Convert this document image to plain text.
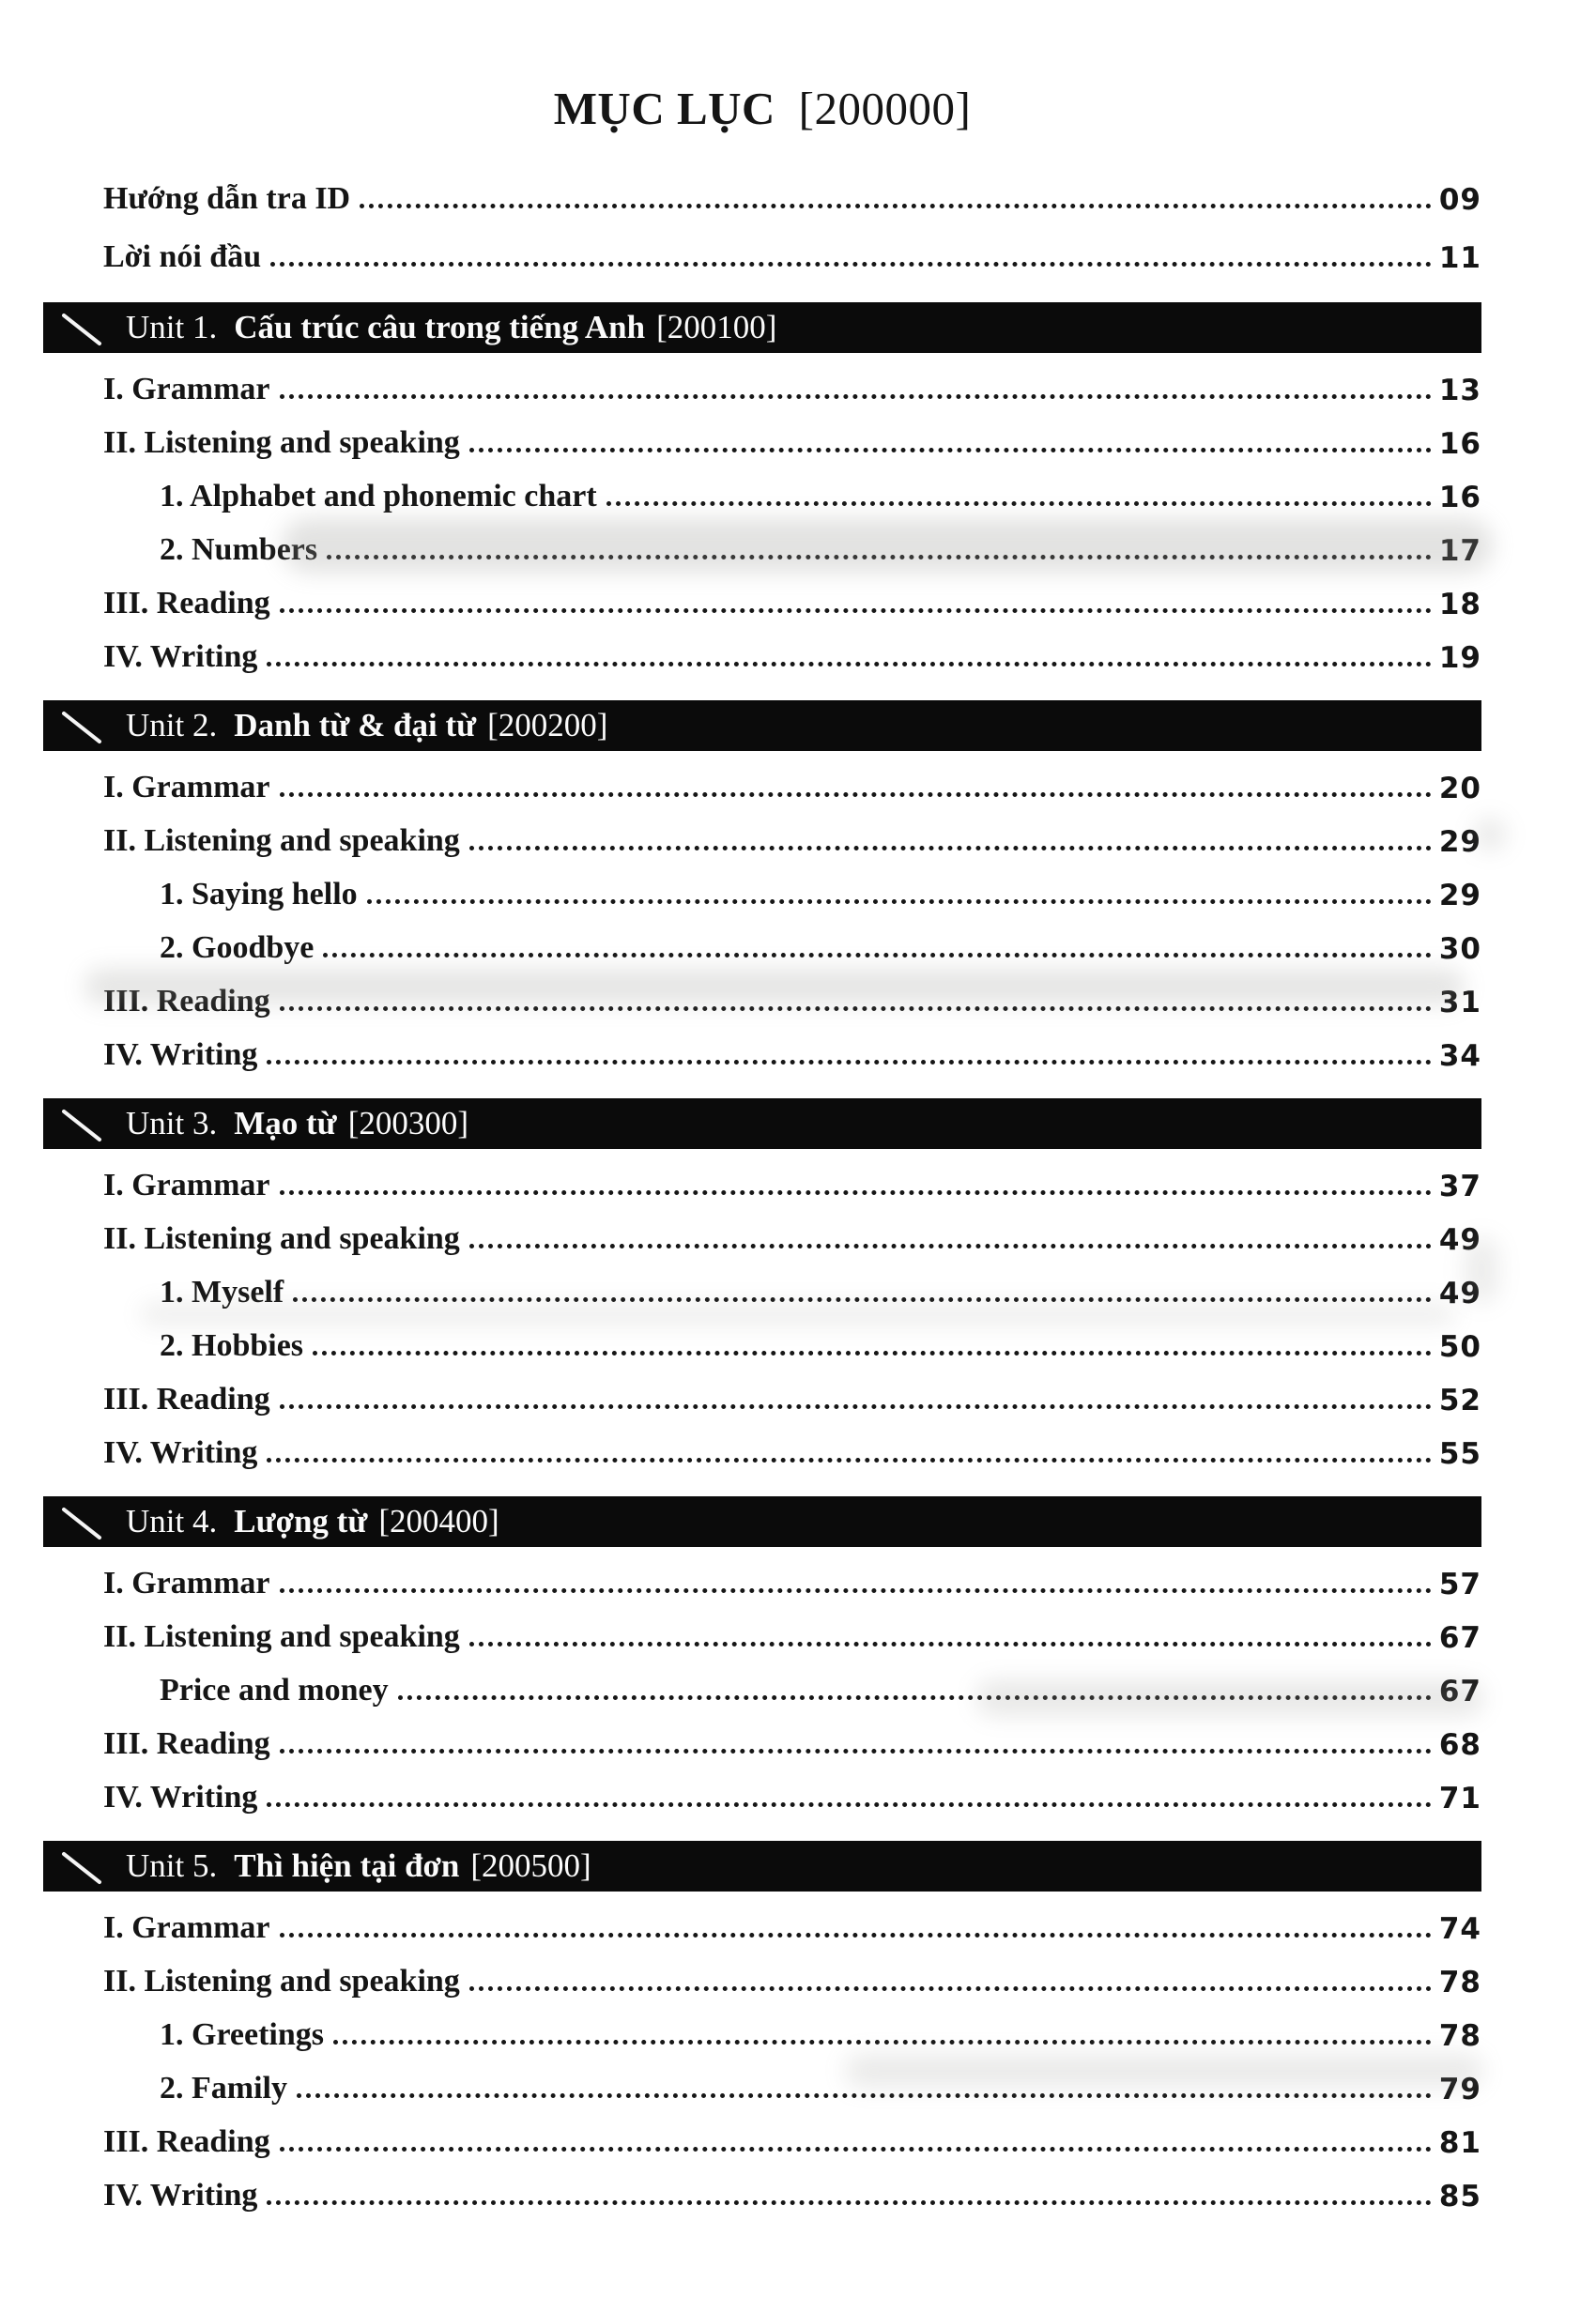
MỤC LỤC [200000]
Hướng dẫn tra ID	09
Lời nói đầu	11
Unit 1. Cấu trúc câu trong tiếng Anh [200100]
I. Grammar	13
II. Listening and speaking	16
1. Alphabet and phonemic chart	16
2. Numbers	17
III. Reading	18
IV. Writing	19
Unit 2. Danh từ & đại từ [200200]
I. Grammar	20
II. Listening and speaking	29
1. Saying hello	29
2. Goodbye	30
III. Reading	31
IV. Writing	34
Unit 3. Mạo từ [200300]
I. Grammar	37
II. Listening and speaking	49
1. Myself	49
2. Hobbies	50
III. Reading	52
IV. Writing	55
Unit 4. Lượng từ [200400]
I. Grammar	57
II. Listening and speaking	67
Price and money	67
III. Reading	68
IV. Writing	71
Unit 5. Thì hiện tại đơn [200500]
I. Grammar	74
II. Listening and speaking	78
1. Greetings	78
2. Family	79
III. Reading	81
IV. Writing	85
